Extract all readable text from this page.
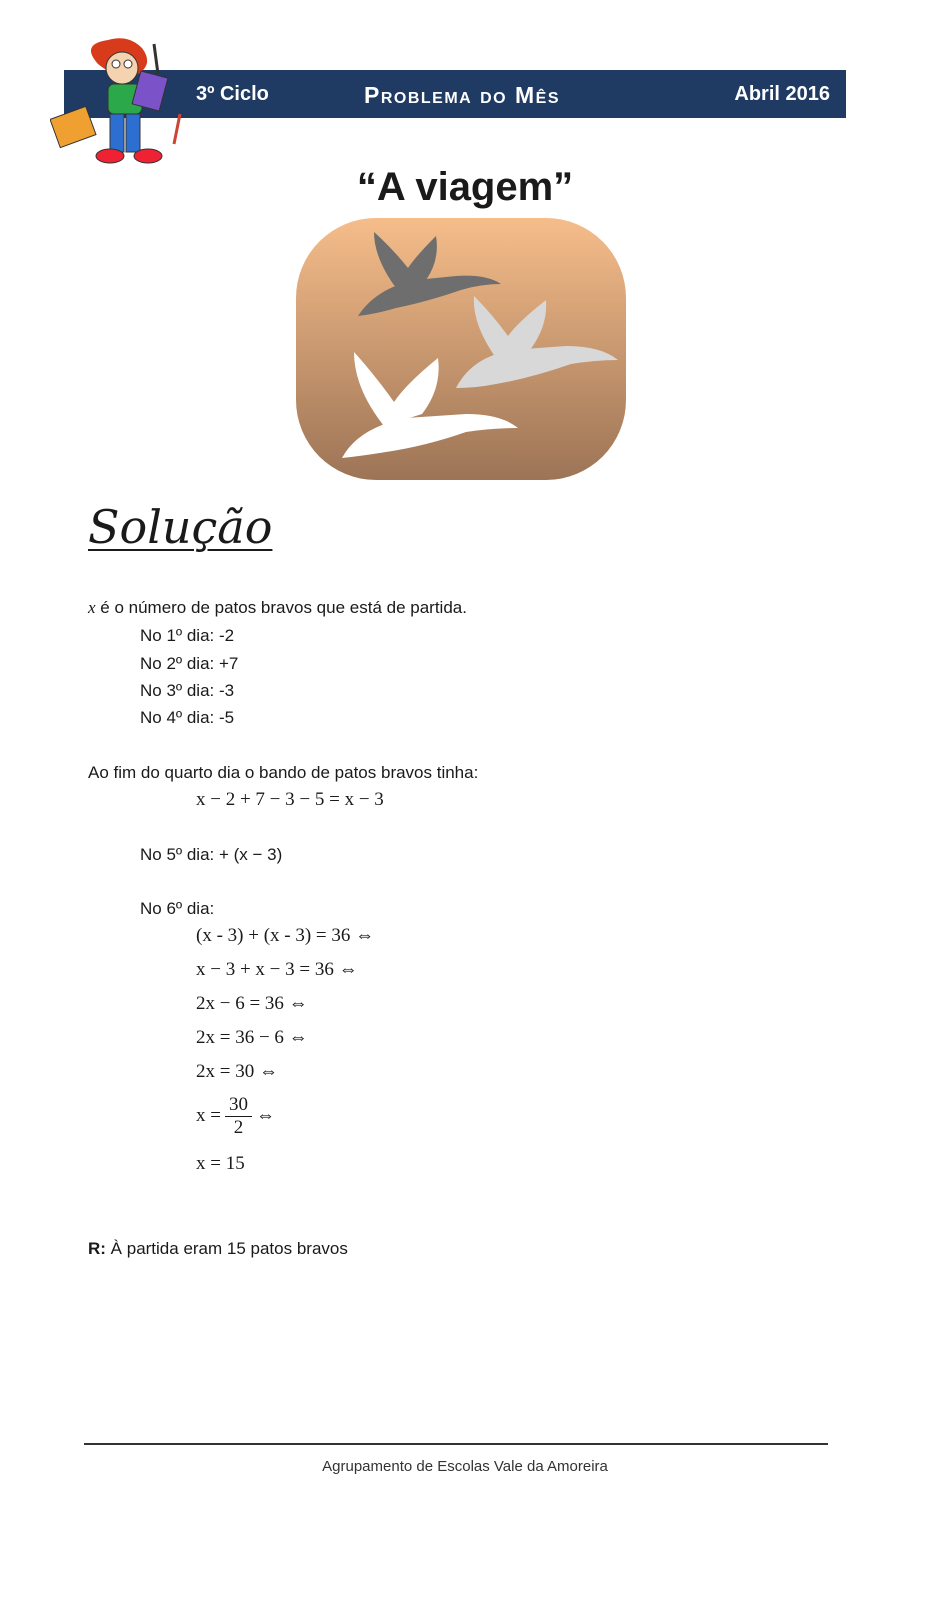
3º Ciclo	Problema do Mês	Abril 2016
“A viagem”
Solução
x é o número de patos bravos que está de partida.
No 1º dia: -2
No 2º dia: +7
No 3º dia: -3
No 4º dia: -5
Ao fim do quarto dia o bando de patos bravos tinha:
x − 2 + 7 − 3 − 5 = x − 3
No 5º dia: + (x − 3)
No 6º dia:
(x - 3) + (x - 3) = 36 ⇔
x − 3 + x − 3 = 36 ⇔
2x − 6 = 36 ⇔
2x = 36 − 6 ⇔
2x = 30 ⇔
$x = \frac{30}{2}$ ⇔
x = 15
R: À partida eram 15 patos bravos
Agrupamento de Escolas Vale da Amoreira
